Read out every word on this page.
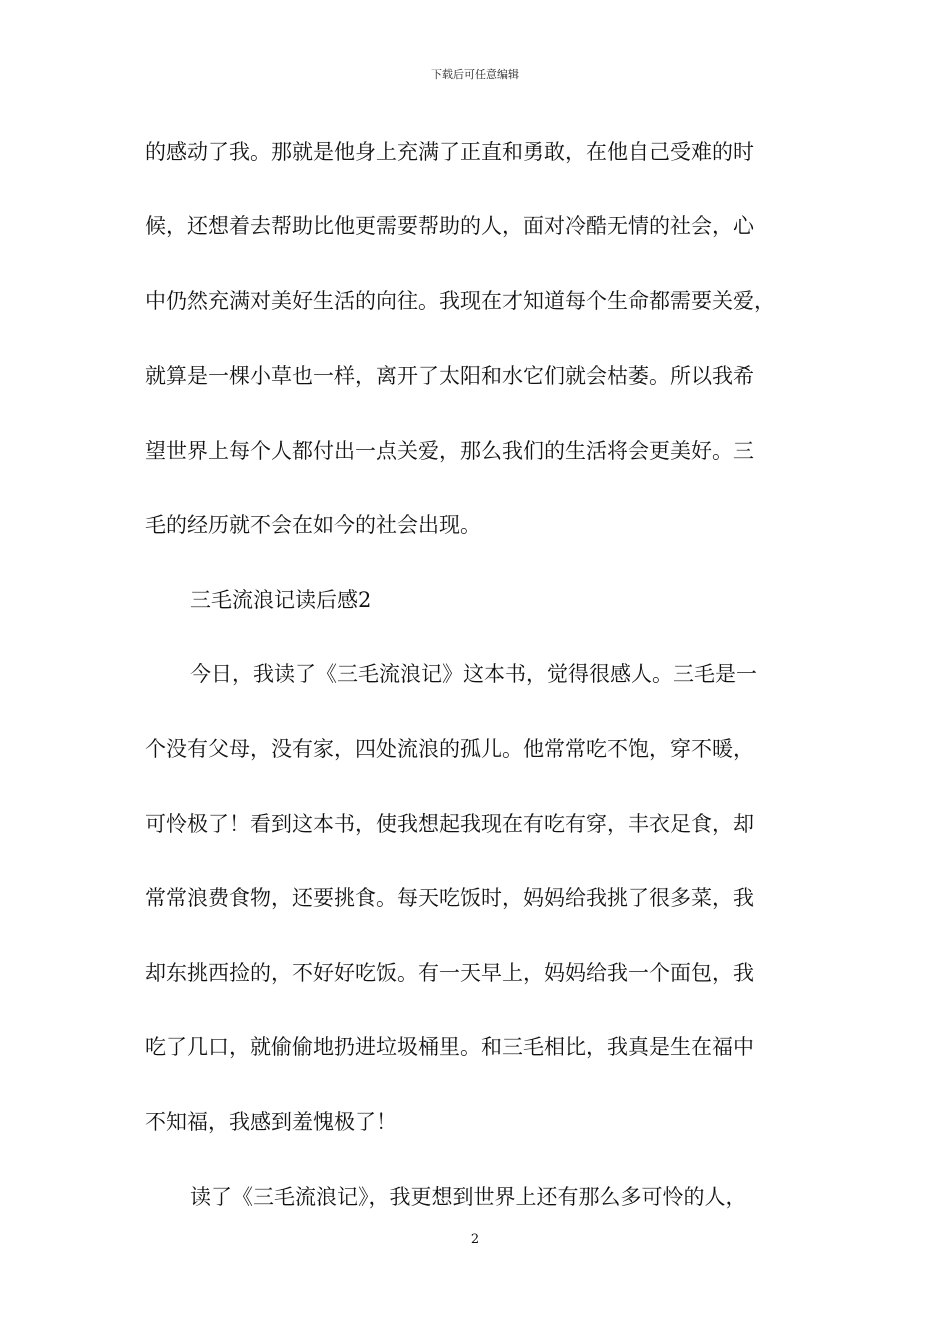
下载后可任意编辑
的感动了我。那就是他身上充满了正直和勇敢，在他自己受难的时
候，还想着去帮助比他更需要帮助的人，面对冷酷无情的社会，心
中仍然充满对美好生活的向往。我现在才知道每个生命都需要关爱，
就算是一棵小草也一样，离开了太阳和水它们就会枯萎。所以我希
望世界上每个人都付出一点关爱，那么我们的生活将会更美好。三
毛的经历就不会在如今的社会出现。
三毛流浪记读后感2
今日，我读了《三毛流浪记》这本书，觉得很感人。三毛是一
个没有父母，没有家，四处流浪的孤儿。他常常吃不饱，穿不暖，
可怜极了！看到这本书，使我想起我现在有吃有穿，丰衣足食，却
常常浪费食物，还要挑食。每天吃饭时，妈妈给我挑了很多菜，我
却东挑西捡的，不好好吃饭。有一天早上，妈妈给我一个面包，我
吃了几口，就偷偷地扔进垃圾桶里。和三毛相比，我真是生在福中
不知福，我感到羞愧极了！
读了《三毛流浪记》，我更想到世界上还有那么多可怜的人，
2
